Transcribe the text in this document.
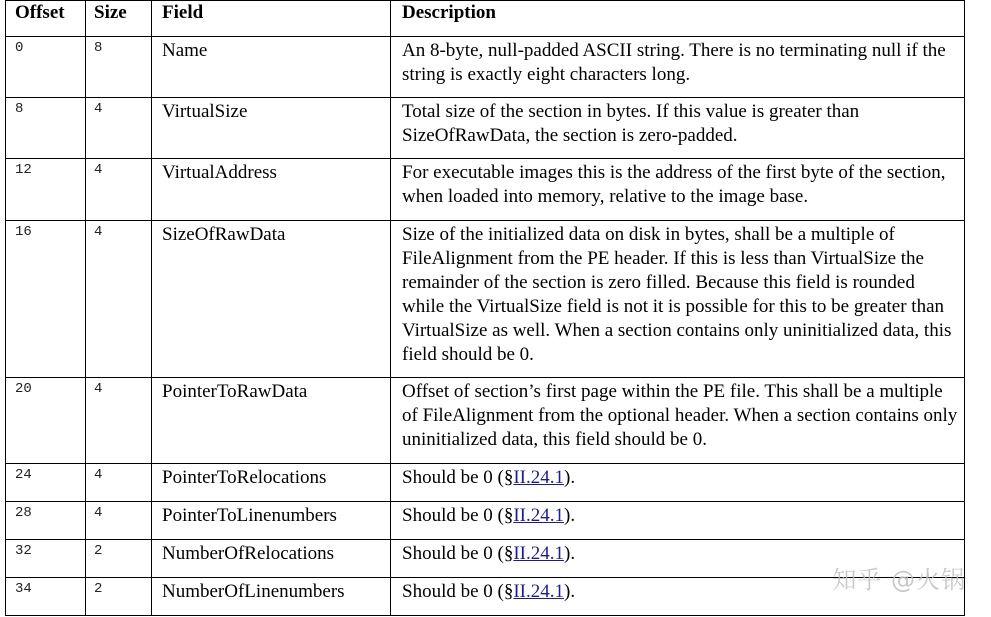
Offset	Size	Field	Description
0	8	Name	An 8-byte, null-padded ASCII string. There is no terminating null if the string is exactly eight characters long.
8	4	VirtualSize	Total size of the section in bytes. If this value is greater than SizeOfRawData, the section is zero-padded.
12	4	VirtualAddress	For executable images this is the address of the first byte of the section, when loaded into memory, relative to the image base.
16	4	SizeOfRawData	Size of the initialized data on disk in bytes, shall be a multiple of FileAlignment from the PE header. If this is less than VirtualSize the remainder of the section is zero filled. Because this field is rounded while the VirtualSize field is not it is possible for this to be greater than VirtualSize as well. When a section contains only uninitialized data, this field should be 0.
20	4	PointerToRawData	Offset of section’s first page within the PE file. This shall be a multiple of FileAlignment from the optional header. When a section contains only uninitialized data, this field should be 0.
24	4	PointerToRelocations	Should be 0 (§II.24.1).
28	4	PointerToLinenumbers	Should be 0 (§II.24.1).
32	2	NumberOfRelocations	Should be 0 (§II.24.1).
34	2	NumberOfLinenumbers	Should be 0 (§II.24.1).	知乎 @火锅
